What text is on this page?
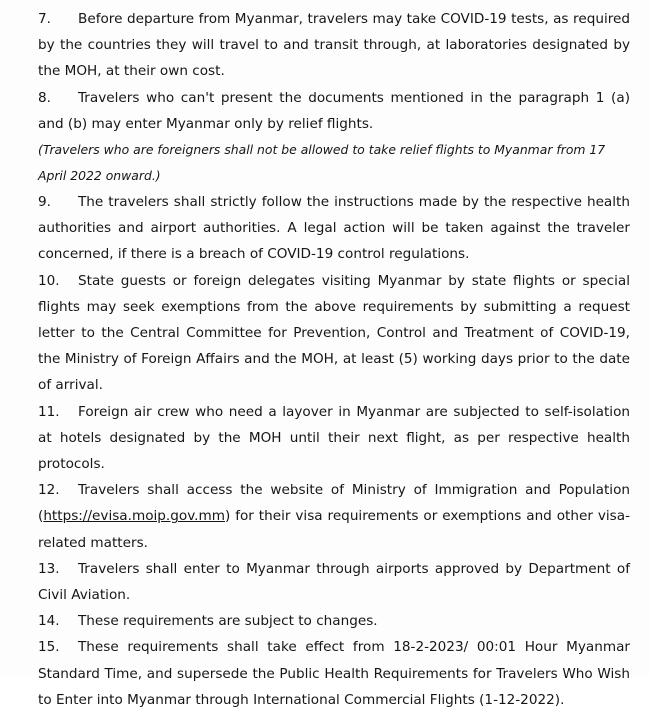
7. Before departure from Myanmar, travelers may take COVID-19 tests, as required by the countries they will travel to and transit through, at laboratories designated by the MOH, at their own cost.

8. Travelers who can't present the documents mentioned in the paragraph 1 (a) and (b) may enter Myanmar only by relief flights.

(Travelers who are foreigners shall not be allowed to take relief flights to Myanmar from 17 April 2022 onward.)

9. The travelers shall strictly follow the instructions made by the respective health authorities and airport authorities. A legal action will be taken against the traveler concerned, if there is a breach of COVID-19 control regulations.

10. State guests or foreign delegates visiting Myanmar by state flights or special flights may seek exemptions from the above requirements by submitting a request letter to the Central Committee for Prevention, Control and Treatment of COVID-19, the Ministry of Foreign Affairs and the MOH, at least (5) working days prior to the date of arrival.

11. Foreign air crew who need a layover in Myanmar are subjected to self-isolation at hotels designated by the MOH until their next flight, as per respective health protocols.

12. Travelers shall access the website of Ministry of Immigration and Population (https://evisa.moip.gov.mm) for their visa requirements or exemptions and other visa-related matters.

13. Travelers shall enter to Myanmar through airports approved by Department of Civil Aviation.

14. These requirements are subject to changes.

15. These requirements shall take effect from 18-2-2023/ 00:01 Hour Myanmar Standard Time, and supersede the Public Health Requirements for Travelers Who Wish to Enter into Myanmar through International Commercial Flights (1-12-2022).
